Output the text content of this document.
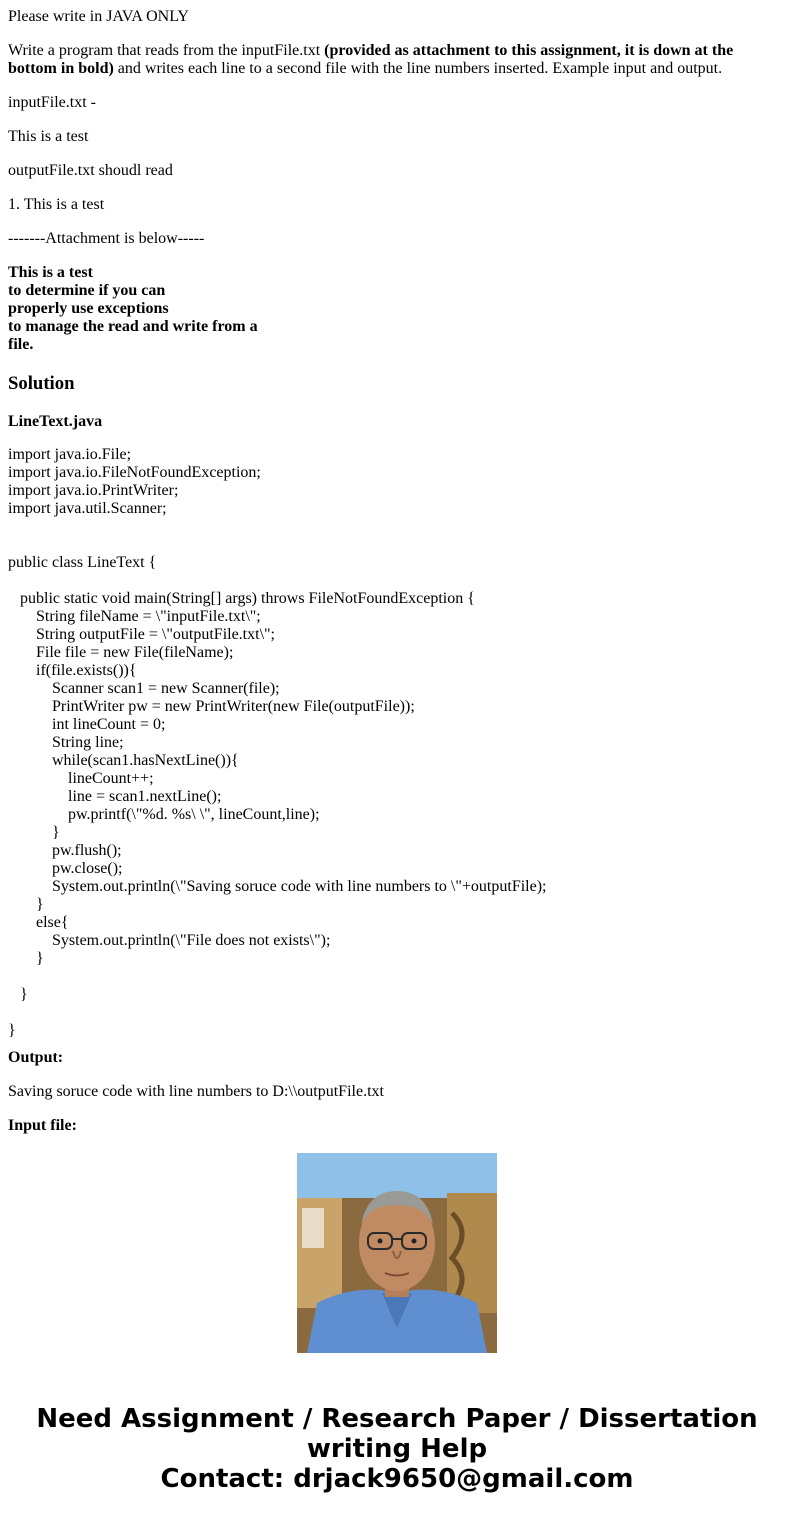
Please write in JAVA ONLY

Write a program that reads from the inputFile.txt (provided as attachment to this assignment, it is down at the bottom in bold) and writes each line to a second file with the line numbers inserted. Example input and output.

inputFile.txt -

This is a test

outputFile.txt shoudl read

1. This is a test

-------Attachment is below-----

This is a test

to determine if you can

properly use exceptions

to manage the read and write from a

file.

Solution

LineText.java

import java.io.File;
import java.io.FileNotFoundException;
import java.io.PrintWriter;
import java.util.Scanner;
public class LineText {
public static void main(String[] args) throws FileNotFoundException {
String fileName = \"inputFile.txt\";
String outputFile = \"outputFile.txt\";
File file = new File(fileName);
if(file.exists()){
Scanner scan1 = new Scanner(file);
PrintWriter pw = new PrintWriter(new File(outputFile));
int lineCount = 0;
String line;
while(scan1.hasNextLine()){
lineCount++;
line = scan1.nextLine();
pw.printf(\"%d. %s\ \", lineCount,line);
}
pw.flush();
pw.close();
System.out.println(\"Saving soruce code with line numbers to \"+outputFile);
}
else{
System.out.println(\"File does not exists\");
}
}
}

Output:

Saving soruce code with line numbers to D:\\outputFile.txt

Input file:

Need Assignment / Research Paper / Dissertation
writing Help
Contact: drjack9650@gmail.com
